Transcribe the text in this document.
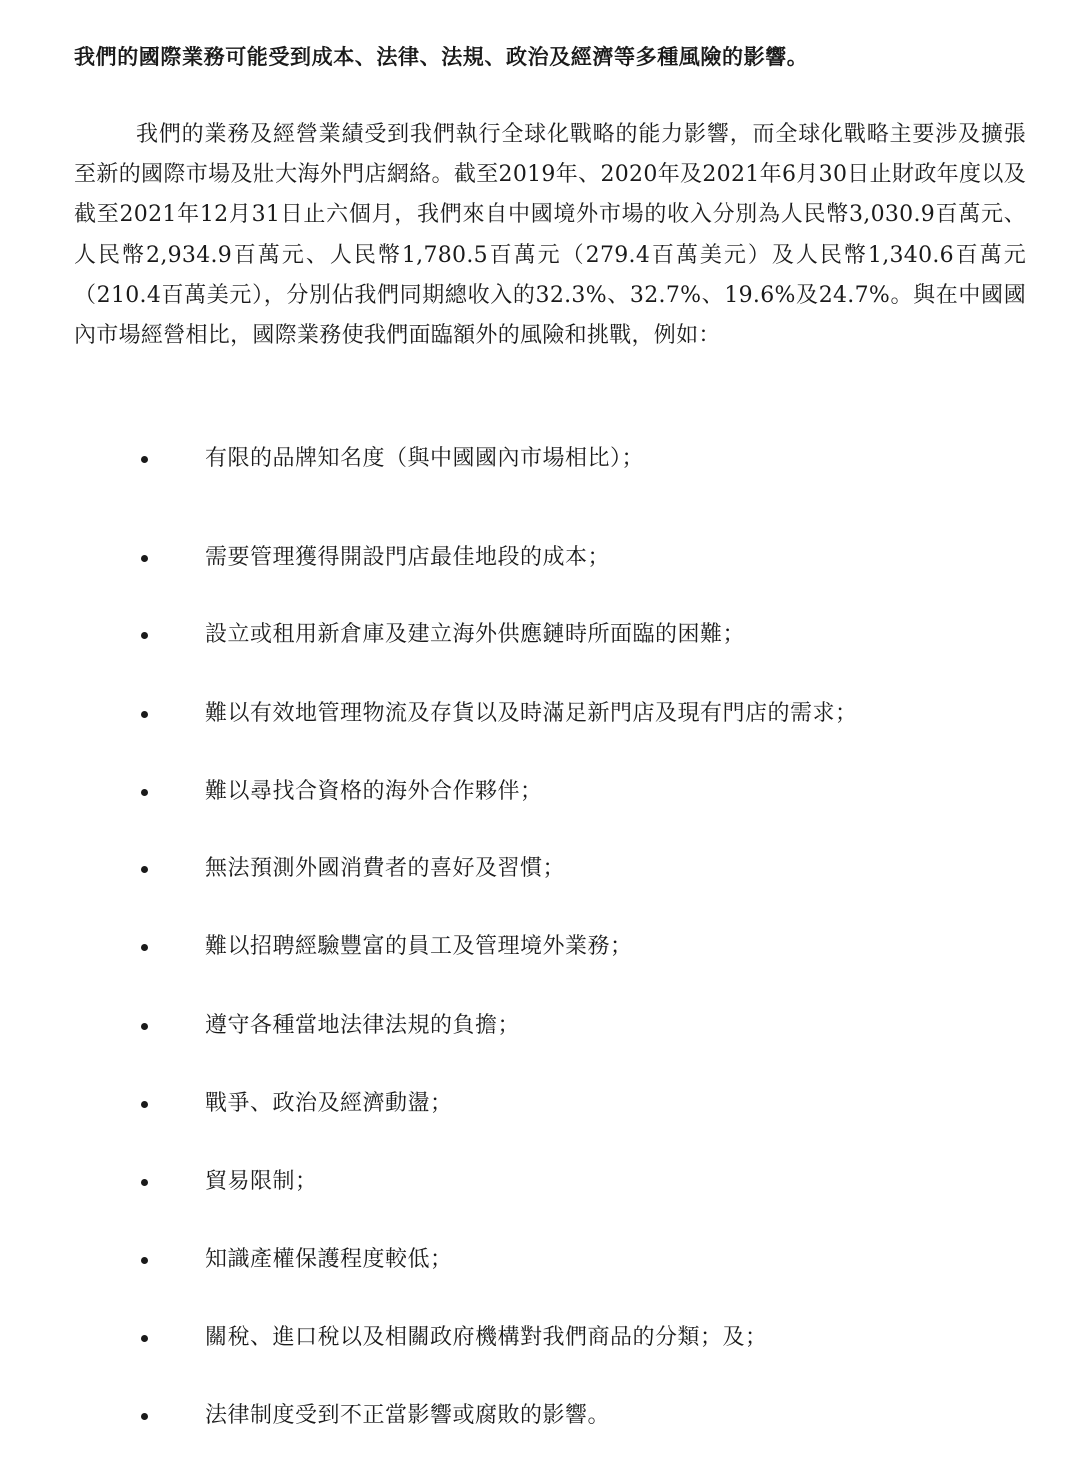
我們的國際業務可能受到成本、法律、法規、政治及經濟等多種風險的影響。

我們的業務及經營業績受到我們執行全球化戰略的能力影響，而全球化戰略主要涉及擴張至新的國際市場及壯大海外門店網絡。截至2019年、2020年及2021年6月30日止財政年度以及截至2021年12月31日止六個月，我們來自中國境外市場的收入分別為人民幣3,030.9百萬元、人民幣2,934.9百萬元、人民幣1,780.5百萬元（279.4百萬美元）及人民幣1,340.6百萬元（210.4百萬美元），分別佔我們同期總收入的32.3%、32.7%、19.6%及24.7%。與在中國國內市場經營相比，國際業務使我們面臨額外的風險和挑戰，例如：

有限的品牌知名度（與中國國內市場相比）；
需要管理獲得開設門店最佳地段的成本；
設立或租用新倉庫及建立海外供應鏈時所面臨的困難；
難以有效地管理物流及存貨以及時滿足新門店及現有門店的需求；
難以尋找合資格的海外合作夥伴；
無法預測外國消費者的喜好及習慣；
難以招聘經驗豐富的員工及管理境外業務；
遵守各種當地法律法規的負擔；
戰爭、政治及經濟動盪；
貿易限制；
知識產權保護程度較低；
關稅、進口稅以及相關政府機構對我們商品的分類；及；
法律制度受到不正當影響或腐敗的影響。
